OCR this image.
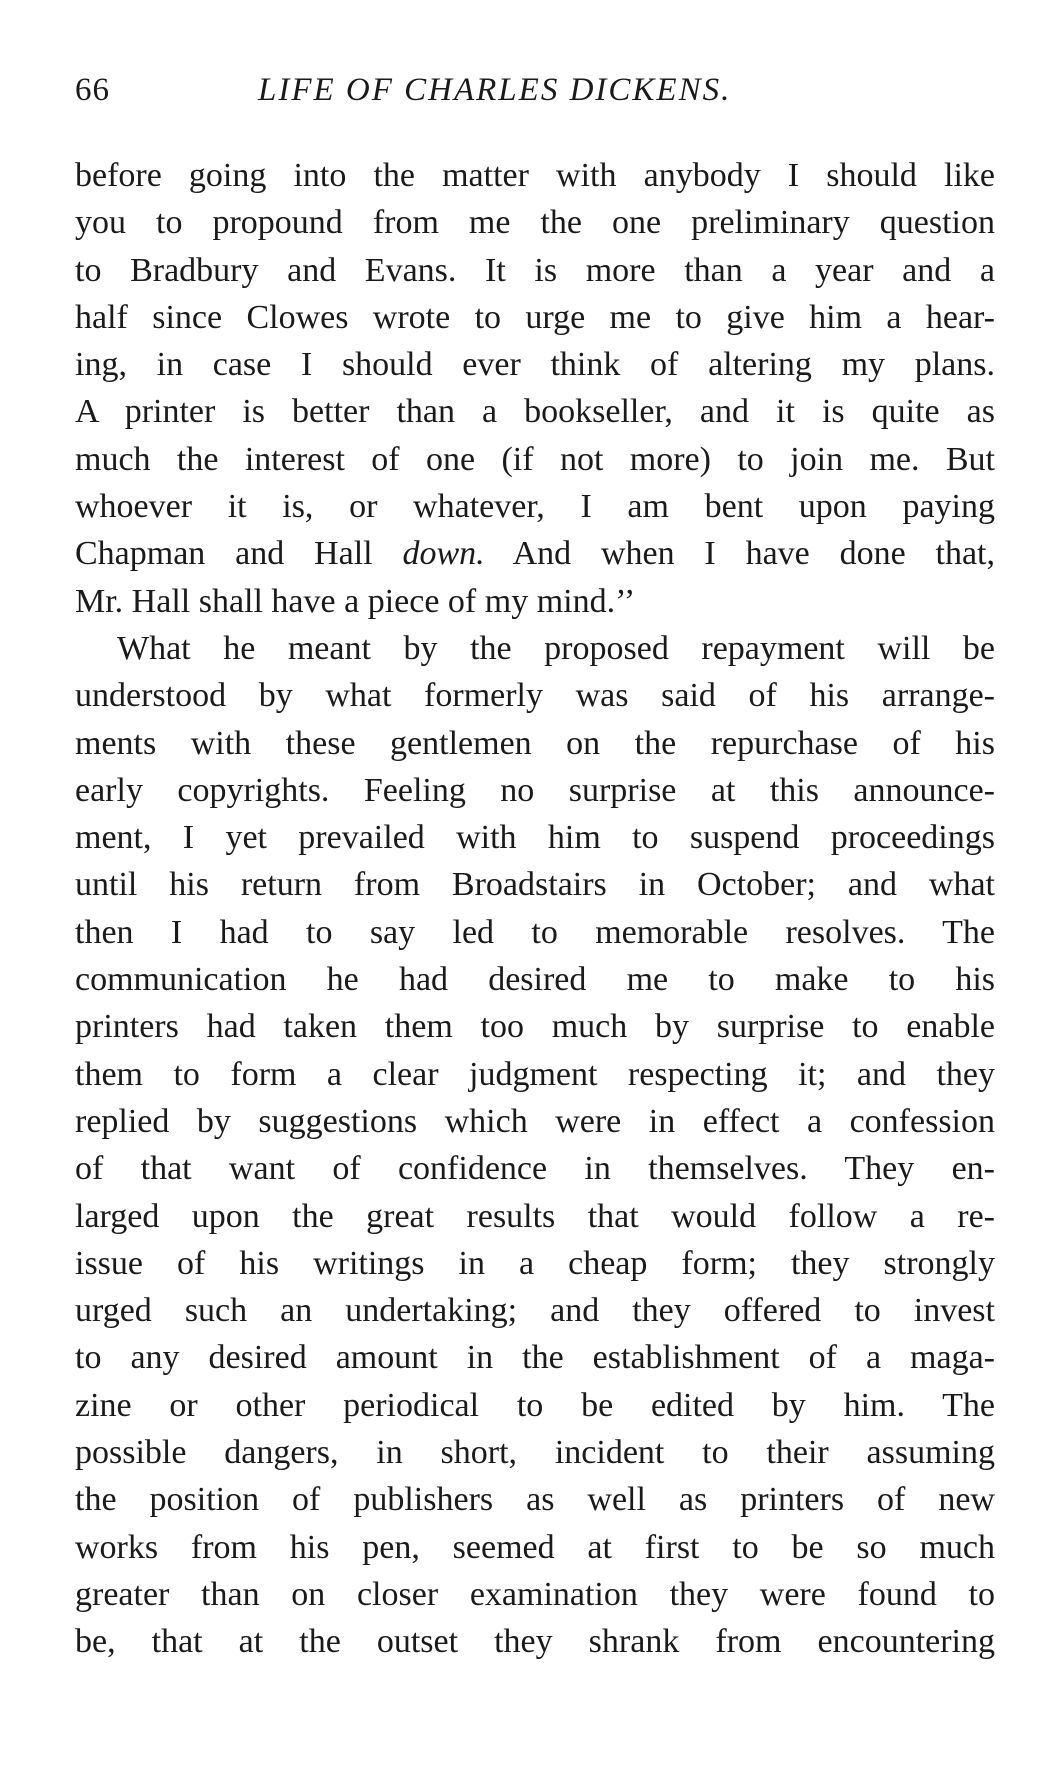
66	LIFE OF CHARLES DICKENS.
before going into the matter with anybody I should like
you to propound from me the one preliminary question
to Bradbury and Evans. It is more than a year and a
half since Clowes wrote to urge me to give him a hear-
ing, in case I should ever think of altering my plans.
A printer is better than a bookseller, and it is quite as
much the interest of one (if not more) to join me. But
whoever it is, or whatever, I am bent upon paying
Chapman and Hall down. And when I have done that,
Mr. Hall shall have a piece of my mind.’’
What he meant by the proposed repayment will be
understood by what formerly was said of his arrange-
ments with these gentlemen on the repurchase of his
early copyrights. Feeling no surprise at this announce-
ment, I yet prevailed with him to suspend proceedings
until his return from Broadstairs in October; and what
then I had to say led to memorable resolves. The
communication he had desired me to make to his
printers had taken them too much by surprise to enable
them to form a clear judgment respecting it; and they
replied by suggestions which were in effect a confession
of that want of confidence in themselves. They en-
larged upon the great results that would follow a re-
issue of his writings in a cheap form; they strongly
urged such an undertaking; and they offered to invest
to any desired amount in the establishment of a maga-
zine or other periodical to be edited by him. The
possible dangers, in short, incident to their assuming
the position of publishers as well as printers of new
works from his pen, seemed at first to be so much
greater than on closer examination they were found to
be, that at the outset they shrank from encountering
